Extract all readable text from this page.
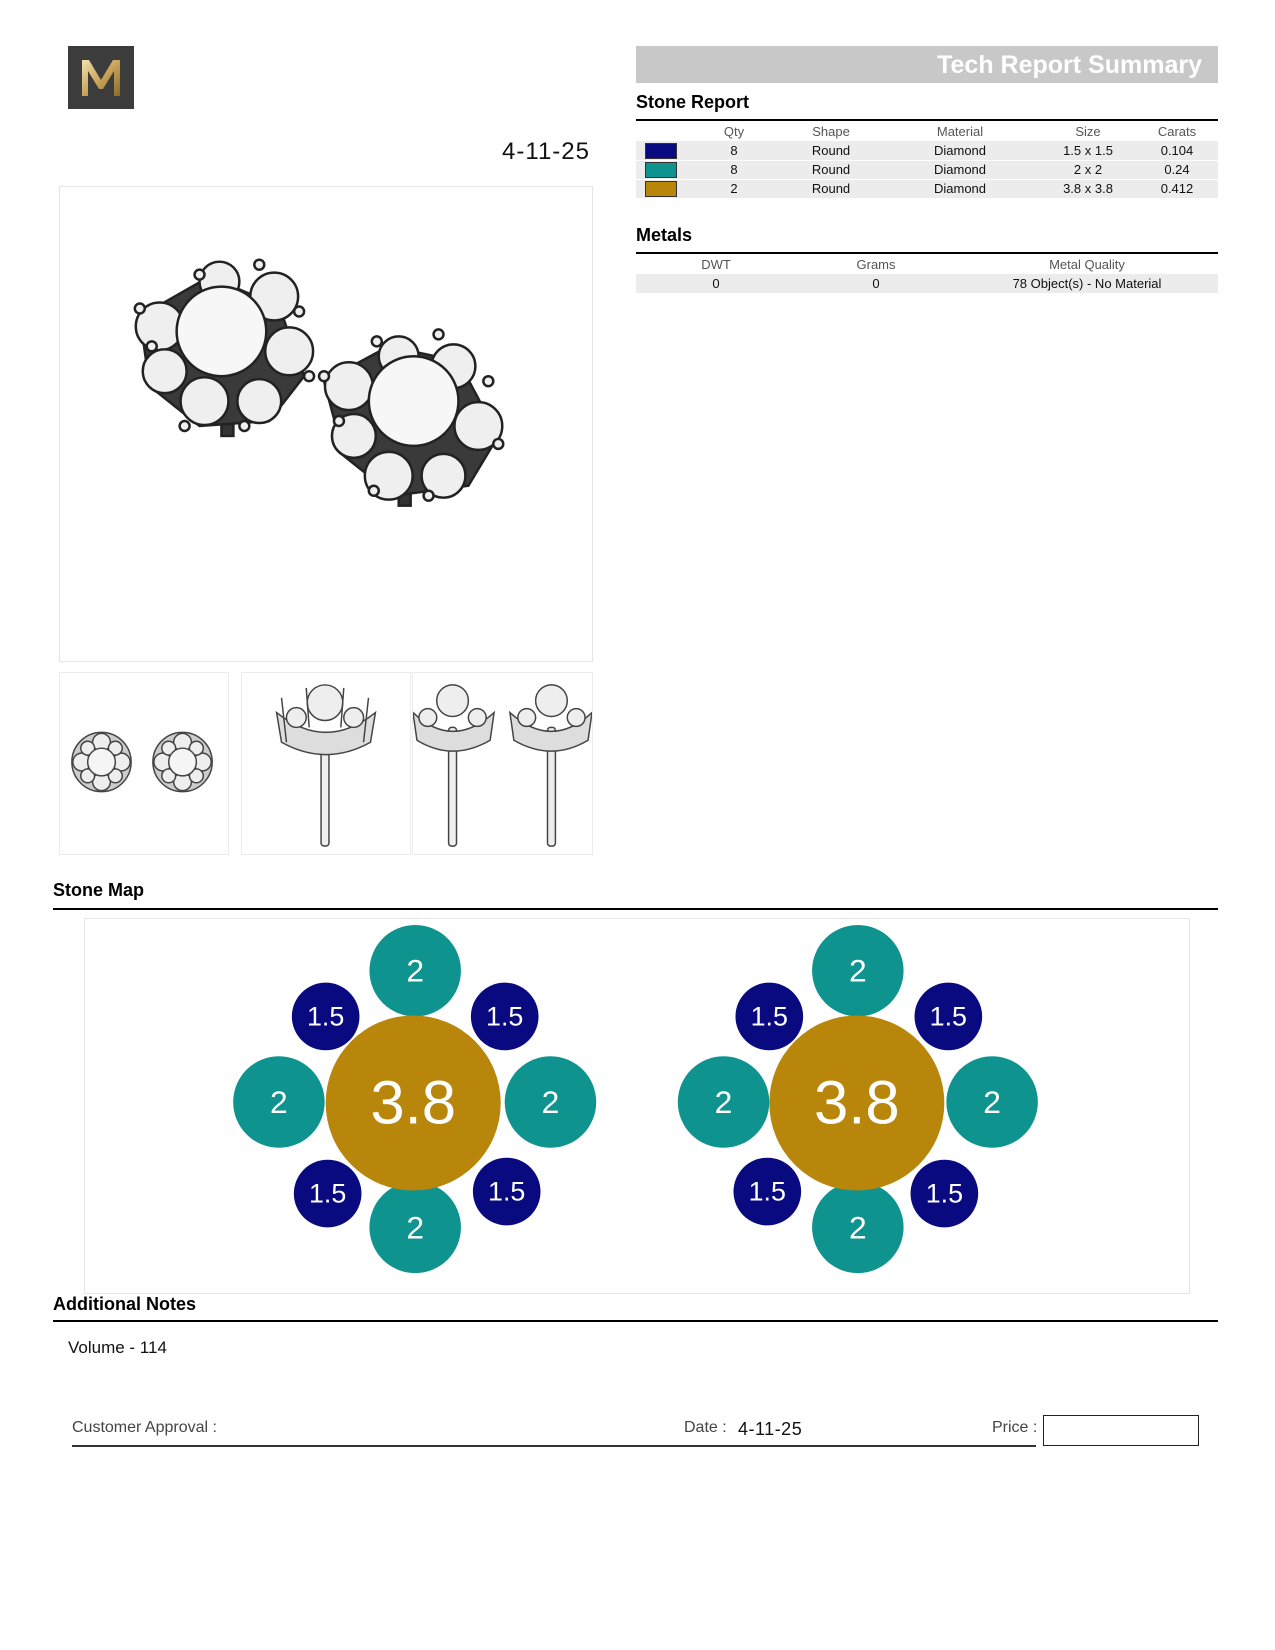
4-11-25
Tech Report Summary
Stone Report
	Qty	Shape	Material	Size	Carats
	8	Round	Diamond	1.5 x 1.5	0.104
	8	Round	Diamond	2 x 2	0.24
	2	Round	Diamond	3.8 x 3.8	0.412
Metals
DWT	Grams	Metal Quality
0	0	78 Object(s) - No Material
Stone Map
2
2
2	2
1.5	1.5
1.5	1.5
3.8
2
2
2	2
1.5	1.5
1.5	1.5
3.8
Additional Notes
Volume - 114
Customer Approval :	Date : 4-11-25	Price :
